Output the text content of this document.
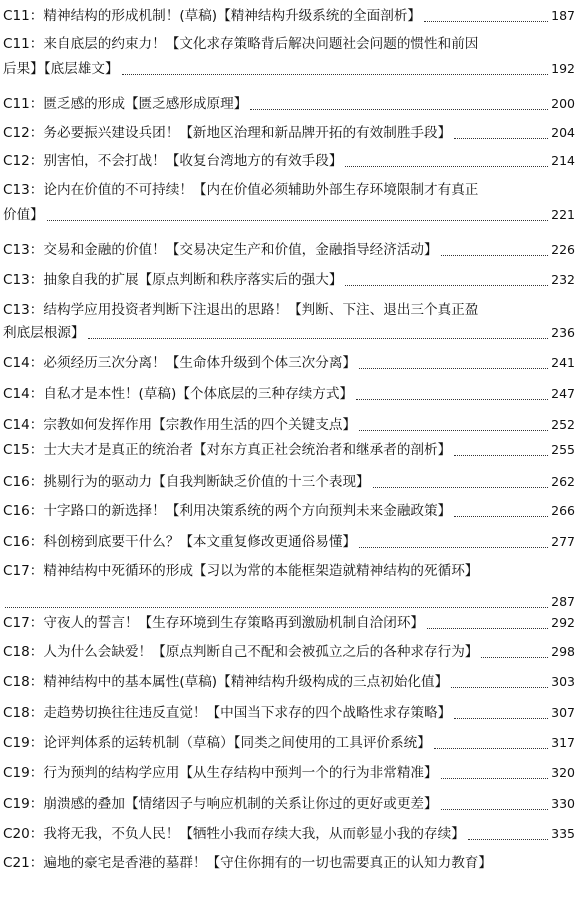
C11：精神结构的形成机制！(草稿)【精神结构升级系统的全面剖析】	187
C11：来自底层的约束力！【文化求存策略背后解决问题社会问题的惯性和前因
后果】【底层雄文】	192
C11：匮乏感的形成【匮乏感形成原理】	200
C12：务必要振兴建设兵团！【新地区治理和新品牌开拓的有效制胜手段】	204
C12：别害怕，不会打战！【收复台湾地方的有效手段】	214
C13：论内在价值的不可持续！【内在价值必须辅助外部生存环境限制才有真正
价值】	221
C13：交易和金融的价值！【交易决定生产和价值，金融指导经济活动】	226
C13：抽象自我的扩展【原点判断和秩序落实后的强大】	232
C13：结构学应用投资者判断下注退出的思路！【判断、下注、退出三个真正盈
利底层根源】	236
C14：必须经历三次分离！【生命体升级到个体三次分离】	241
C14：自私才是本性！(草稿)【个体底层的三种存续方式】	247
C14：宗教如何发挥作用【宗教作用生活的四个关键支点】	252
C15：士大夫才是真正的统治者【对东方真正社会统治者和继承者的剖析】	255
C16：挑剔行为的驱动力【自我判断缺乏价值的十三个表现】	262
C16：十字路口的新选择！【利用决策系统的两个方向预判未来金融政策】	266
C16：科创榜到底要干什么？【本文重复修改更通俗易懂】	277
C17：精神结构中死循环的形成【习以为常的本能框架造就精神结构的死循环】
287
C17：守夜人的誓言！【生存环境到生存策略再到激励机制自洽闭环】	292
C18：人为什么会缺爱！【原点判断自己不配和会被孤立之后的各种求存行为】	298
C18：精神结构中的基本属性(草稿)【精神结构升级构成的三点初始化值】	303
C18：走趋势切换往往违反直觉！【中国当下求存的四个战略性求存策略】	307
C19：论评判体系的运转机制（草稿）【同类之间使用的工具评价系统】	317
C19：行为预判的结构学应用【从生存结构中预判一个的行为非常精准】	320
C19：崩溃感的叠加【情绪因子与响应机制的关系让你过的更好或更差】	330
C20：我将无我，不负人民！【牺牲小我而存续大我，从而彰显小我的存续】	335
C21：遍地的豪宅是香港的墓群！【守住你拥有的一切也需要真正的认知力教育】
